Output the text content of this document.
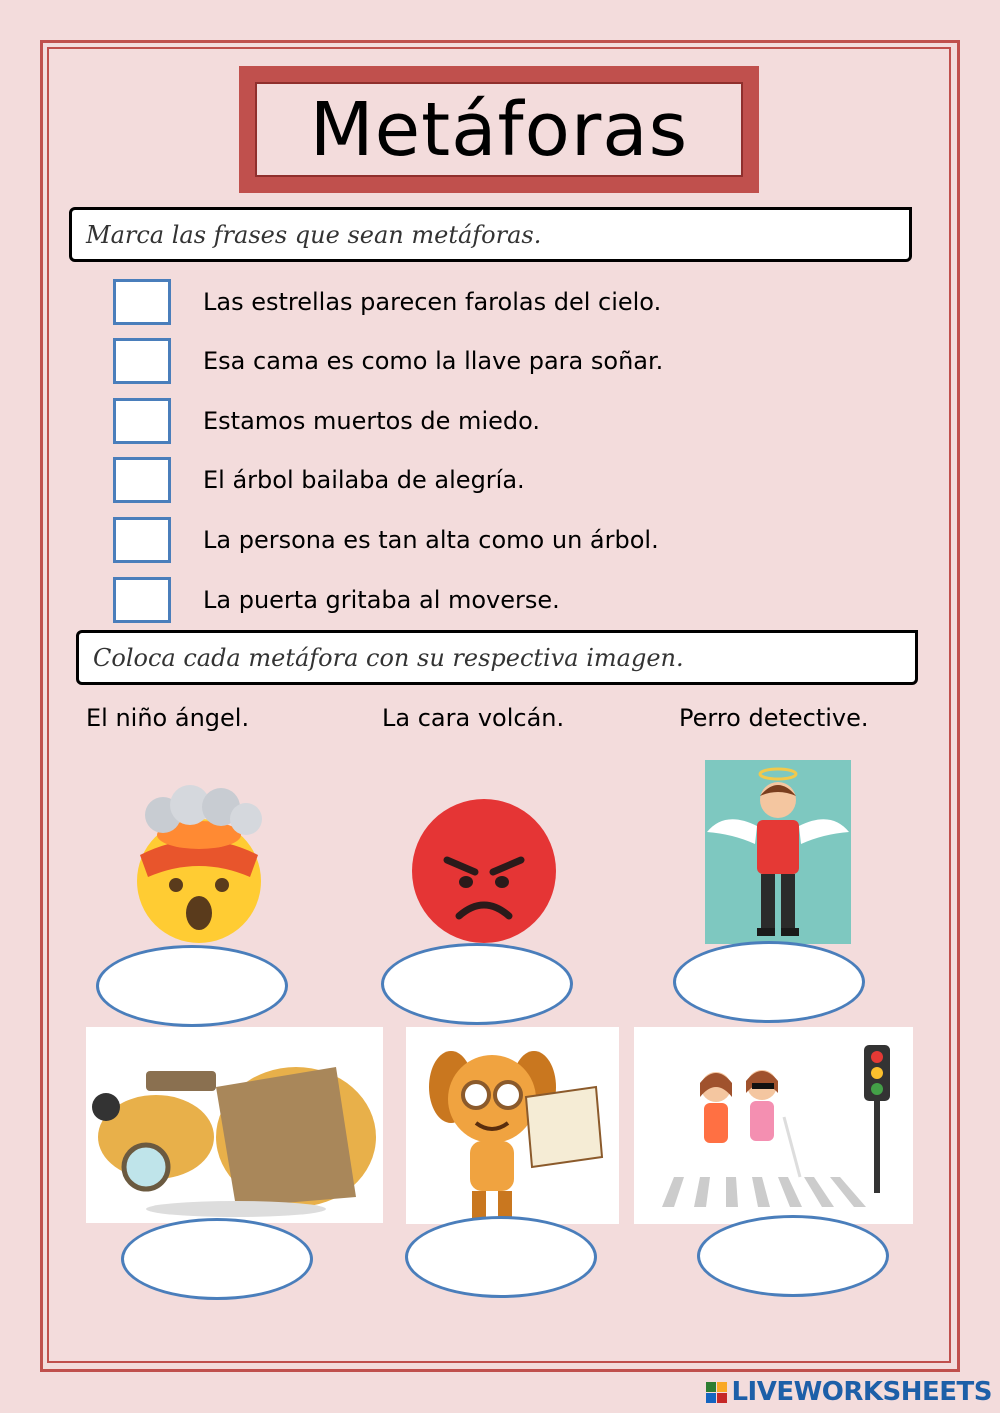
Metáforas
Marca las frases que sean metáforas.
Las estrellas parecen farolas del cielo.
Esa cama es como la llave para soñar.
Estamos muertos de miedo.
El árbol bailaba de alegría.
La persona es tan alta como un árbol.
La puerta gritaba al moverse.
Coloca cada metáfora con su respectiva imagen.
El niño ángel.	La cara volcán.	Perro detective.
LIVEWORKSHEETS
